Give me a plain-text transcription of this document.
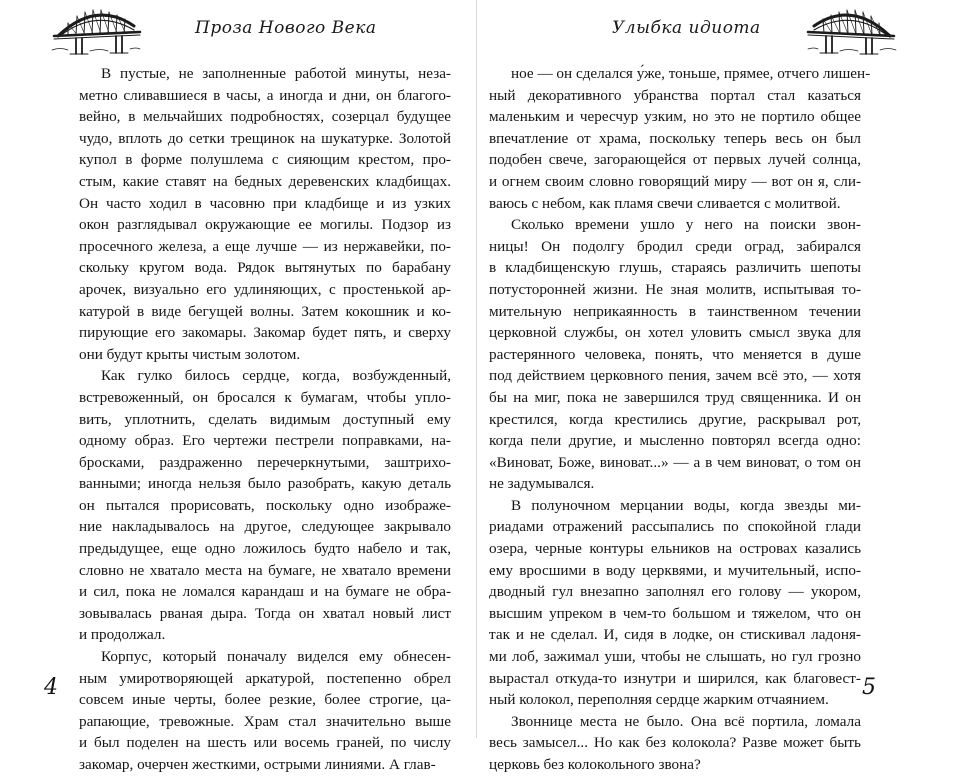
Проза Нового Века	Улыбка идиота
В пустые, не заполненные работой минуты, неза-
метно сливавшиеся в часы, а иногда и дни, он благого-
вейно, в мельчайших подробностях, созерцал будущее
чудо, вплоть до сетки трещинок на шукатурке. Золотой
купол в форме полушлема с сияющим крестом, про-
стым, какие ставят на бедных деревенских кладбищах.
Он часто ходил в часовню при кладбище и из узких
окон разглядывал окружающие ее могилы. Подзор из
просечного железа, а еще лучше — из нержавейки, по-
скольку кругом вода. Рядок вытянутых по барабану
арочек, визуально его удлиняющих, с простенькой ар-
катурой в виде бегущей волны. Затем кокошник и ко-
пирующие его закомары. Закомар будет пять, и сверху
они будут крыты чистым золотом.
Как гулко билось сердце, когда, возбужденный,
встревоженный, он бросался к бумагам, чтобы упло-
вить, уплотнить, сделать видимым доступный ему
одному образ. Его чертежи пестрели поправками, на-
бросками, раздраженно перечеркнутыми, заштрихо-
ванными; иногда нельзя было разобрать, какую деталь
он пытался прорисовать, поскольку одно изображе-
ние накладывалось на другое, следующее закрывало
предыдущее, еще одно ложилось будто набело и так,
словно не хватало места на бумаге, не хватало времени
и сил, пока не ломался карандаш и на бумаге не обра-
зовывалась рваная дыра. Тогда он хватал новый лист
и продолжал.
Корпус, который поначалу виделся ему обнесен-
ным умиротворяющей аркатурой, постепенно обрел
совсем иные черты, более резкие, более строгие, ца-
рапающие, тревожные. Храм стал значительно выше
и был поделен на шесть или восемь граней, по числу
закомар, очерчен жесткими, острыми линиями. А глав-
ное — он сделался у́же, тоньше, прямее, отчего лишен-
ный декоративного убранства портал стал казаться
маленьким и чересчур узким, но это не портило общее
впечатление от храма, поскольку теперь весь он был
подобен свече, загорающейся от первых лучей солнца,
и огнем своим словно говорящий миру — вот он я, сли-
ваюсь с небом, как пламя свечи сливается с молитвой.
Сколько времени ушло у него на поиски звон-
ницы! Он подолгу бродил среди оград, забирался
в кладбищенскую глушь, стараясь различить шепоты
потусторонней жизни. Не зная молитв, испытывая то-
мительную неприкаянность в таинственном течении
церковной службы, он хотел уловить смысл звука для
растерянного человека, понять, что меняется в душе
под действием церковного пения, зачем всё это, — хотя
бы на миг, пока не завершился труд священника. И он
крестился, когда крестились другие, раскрывал рот,
когда пели другие, и мысленно повторял всегда одно:
«Виноват, Боже, виноват...» — а в чем виноват, о том он
не задумывался.
В полуночном мерцании воды, когда звезды ми-
риадами отражений рассыпались по спокойной глади
озера, черные контуры ельников на островах казались
ему вросшими в воду церквями, и мучительный, испо-
дводный гул внезапно заполнял его голову — укором,
высшим упреком в чем-то большом и тяжелом, что он
так и не сделал. И, сидя в лодке, он стискивал ладоня-
ми лоб, зажимал уши, чтобы не слышать, но гул грозно
вырастал откуда-то изнутри и ширился, как благовест-
ный колокол, переполняя сердце жарким отчаянием.
Звоннице места не было. Она всё портила, ломала
весь замысел... Но как без колокола? Разве может быть
церковь без колокольного звона?
4	5
